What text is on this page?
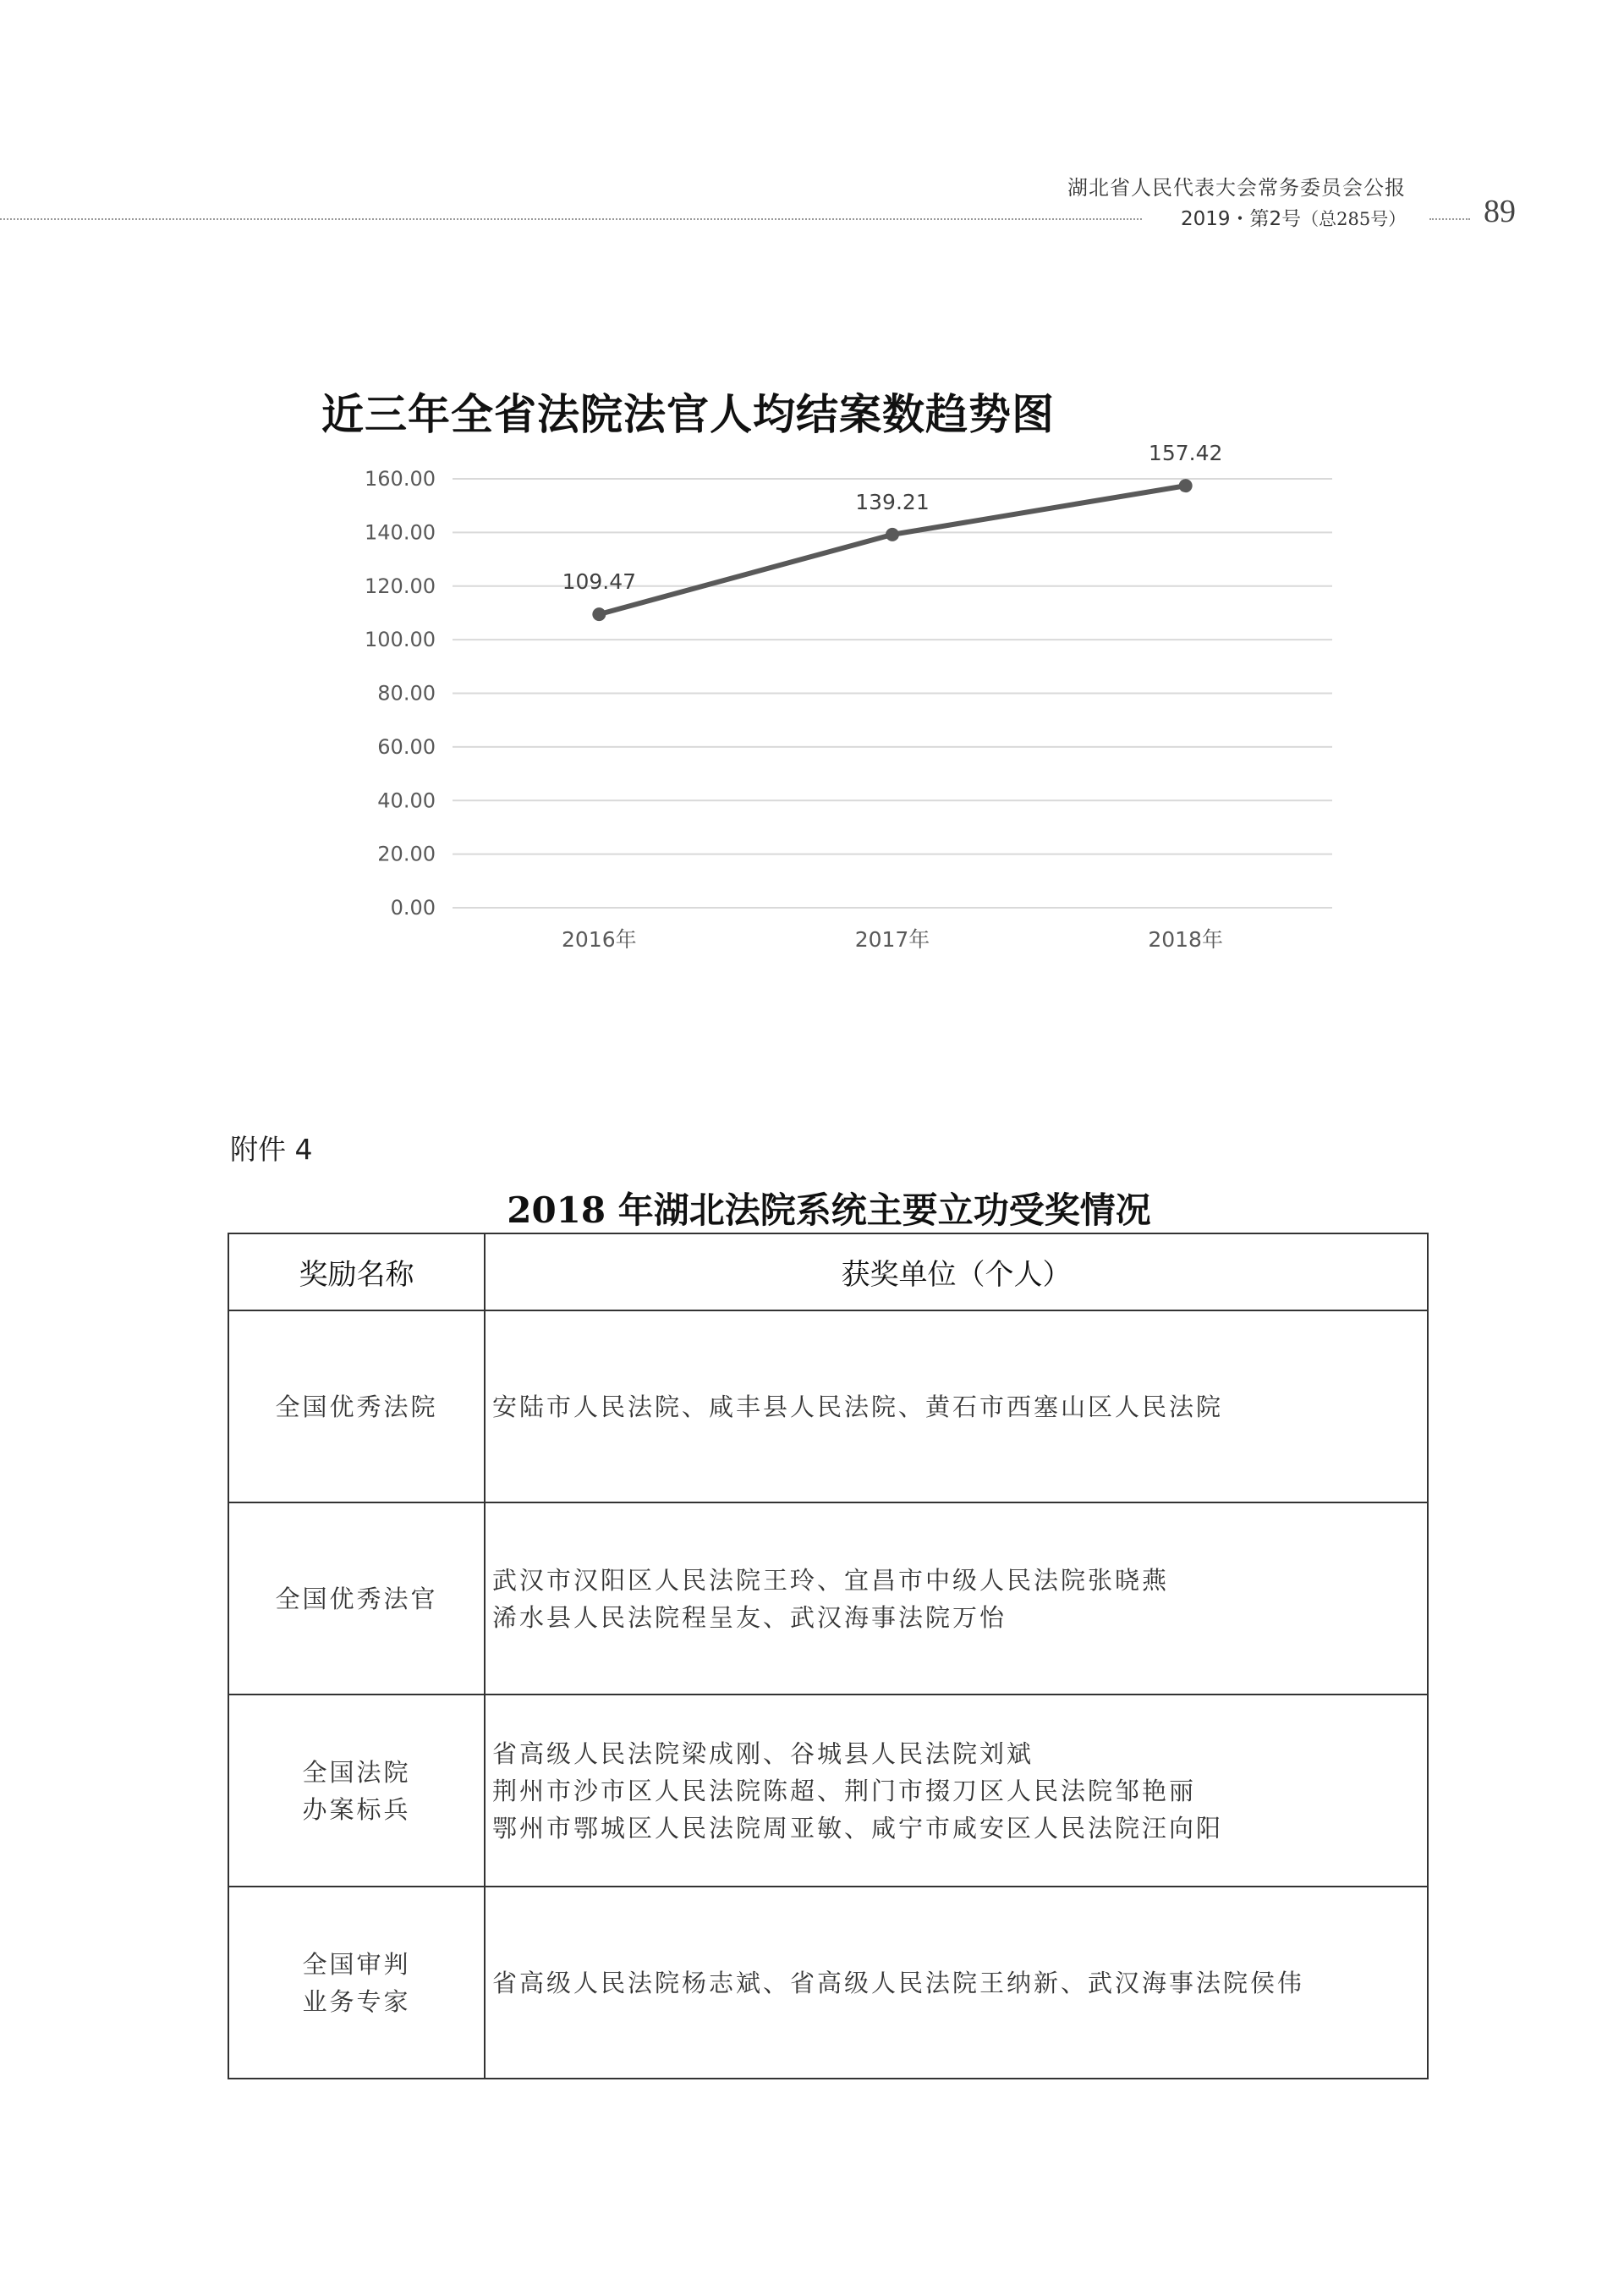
湖北省人民代表大会常务委员会公报
2019・第2号（总285号） 89
近三年全省法院法官人均结案数趋势图
0.00
20.00
40.00
60.00
80.00
100.00
120.00
140.00
160.00
2016年	2017年	2018年
109.47
139.21
157.42
附件 4
2018 年湖北法院系统主要立功受奖情况
奖励名称	获奖单位（个人）

全国优秀法院	安陆市人民法院、咸丰县人民法院、黄石市西塞山区人民法院

全国优秀法官	武汉市汉阳区人民法院王玲、宜昌市中级人民法院张晓燕
浠水县人民法院程呈友、武汉海事法院万怡

全国法院
办案标兵	省高级人民法院梁成刚、谷城县人民法院刘斌
荆州市沙市区人民法院陈超、荆门市掇刀区人民法院邹艳丽
鄂州市鄂城区人民法院周亚敏、咸宁市咸安区人民法院汪向阳

全国审判
业务专家	省高级人民法院杨志斌、省高级人民法院王纳新、武汉海事法院侯伟
